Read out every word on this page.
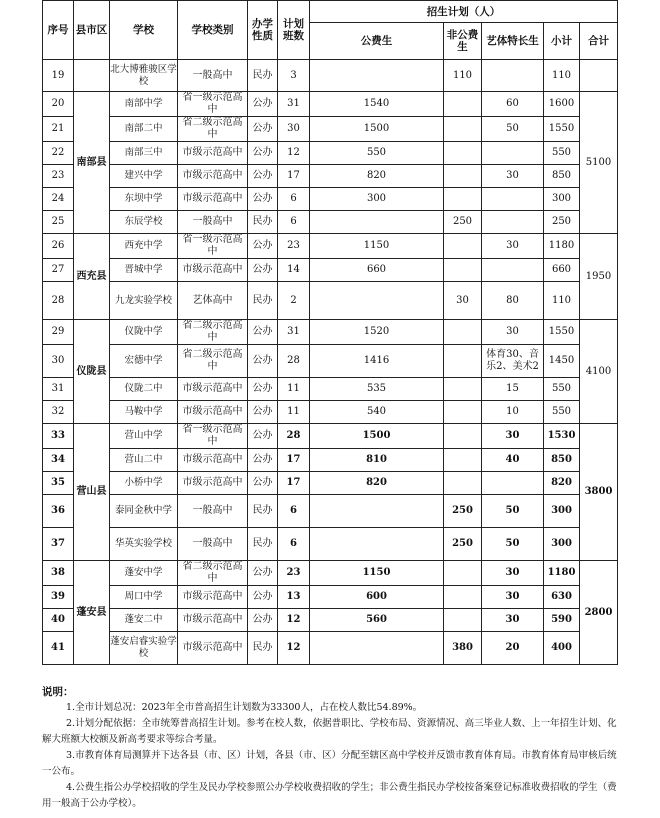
序号	县市区	学校	学校类别	办学性质	计划班数	招生计划（人）				
						公费生	非公费生	艺体特长生	小计	合计
19		北大博雅骏区学校	一般高中	民办	3		110		110	
20	南部县	南部中学	省一级示范高中	公办	31	1540		60	1600	5100
21		南部二中	省二级示范高中	公办	30	1500		50	1550	
22		南部三中	市级示范高中	公办	12	550			550	
23		建兴中学	市级示范高中	公办	17	820		30	850	
24		东坝中学	市级示范高中	公办	6	300			300	
25		东辰学校	一般高中	民办	6		250		250	
26	西充县	西充中学	省一级示范高中	公办	23	1150		30	1180	1950
27		晋城中学	市级示范高中	公办	14	660			660	
28		九龙实验学校	艺体高中	民办	2		30	80	110	
29	仪陇县	仪陇中学	省二级示范高中	公办	31	1520		30	1550	4100
30		宏德中学	省二级示范高中	公办	28	1416		体育30、音乐2、美术2	1450	
31		仪陇二中	市级示范高中	公办	11	535		15	550	
32		马鞍中学	市级示范高中	公办	11	540		10	550	
33	营山县	营山中学	省一级示范高中	公办	28	1500		30	1530	3800
34		营山二中	市级示范高中	公办	17	810		40	850	
35		小桥中学	市级示范高中	公办	17	820			820	
36		泰同金秋中学	一般高中	民办	6		250	50	300	
37		华英实验学校	一般高中	民办	6		250	50	300	
38	蓬安县	蓬安中学	省二级示范高中	公办	23	1150		30	1180	2800
39		周口中学	市级示范高中	公办	13	600		30	630	
40		蓬安二中	市级示范高中	公办	12	560		30	590	
41		蓬安启睿实验学校	市级示范高中	民办	12		380	20	400	
说明：

1.全市计划总况：2023年全市普高招生计划数为33300人，占在校人数比54.89%。

2.计划分配依据：全市统筹普高招生计划。参考在校人数，依据普职比、学校布局、资源情况、高三毕业人数、上一年招生计划、化解大班额大校额及新高考要求等综合考量。

3.市教育体育局测算并下达各县（市、区）计划，各县（市、区）分配至辖区高中学校并反馈市教育体育局。市教育体育局审核后统一公布。

4.公费生指公办学校招收的学生及民办学校参照公办学校收费招收的学生；非公费生指民办学校按备案登记标准收费招收的学生（费用一般高于公办学校）。
